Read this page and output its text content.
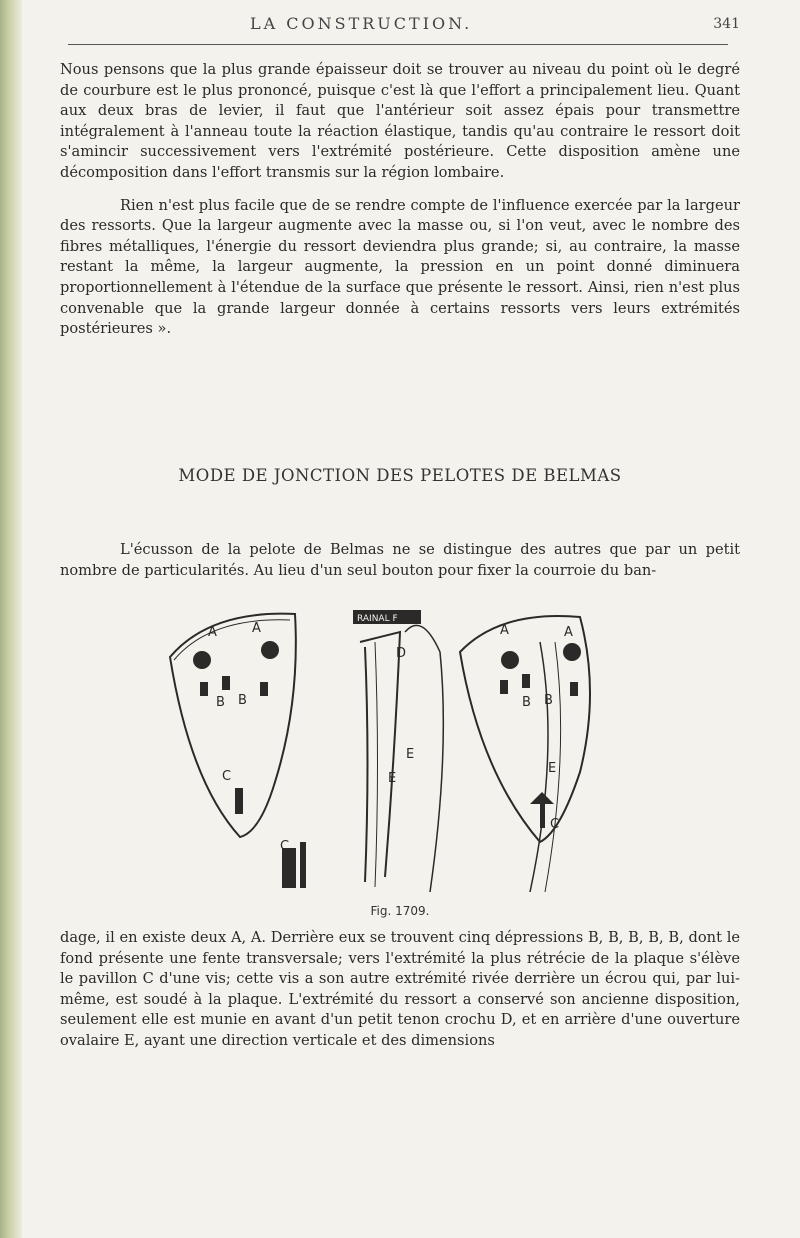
LA CONSTRUCTION.	341

Nous pensons que la plus grande épaisseur doit se trouver au niveau du point où le degré de courbure est le plus prononcé, puisque c'est là que l'effort a principalement lieu. Quant aux deux bras de levier, il faut que l'antérieur soit assez épais pour transmettre intégralement à l'anneau toute la réaction élastique, tandis qu'au contraire le ressort doit s'amincir successivement vers l'extrémité postérieure. Cette disposition amène une décomposition dans l'effort transmis sur la région lombaire.

Rien n'est plus facile que de se rendre compte de l'influence exercée par la largeur des ressorts. Que la largeur augmente avec la masse ou, si l'on veut, avec le nombre des fibres métalliques, l'énergie du ressort deviendra plus grande; si, au contraire, la masse restant la même, la largeur augmente, la pression en un point donné diminuera proportionnellement à l'étendue de la surface que présente le ressort. Ainsi, rien n'est plus convenable que la grande largeur donnée à certains ressorts vers leurs extrémités postérieures ».

MODE DE JONCTION DES PELOTES DE BELMAS

L'écusson de la pelote de Belmas ne se distingue des autres que par un petit nombre de particularités. Au lieu d'un seul bouton pour fixer la courroie du ban-

RAINAL F
A	A
B B
C
C
D
E
E
A	A
B B
E
C
Fig. 1709.

dage, il en existe deux A, A. Derrière eux se trouvent cinq dépressions B, B, B, B, B, dont le fond présente une fente transversale; vers l'extrémité la plus rétrécie de la plaque s'élève le pavillon C d'une vis; cette vis a son autre extrémité rivée derrière un écrou qui, par lui-même, est soudé à la plaque. L'extrémité du ressort a conservé son ancienne disposition, seulement elle est munie en avant d'un petit tenon crochu D, et en arrière d'une ouverture ovalaire E, ayant une direction verticale et des dimensions
